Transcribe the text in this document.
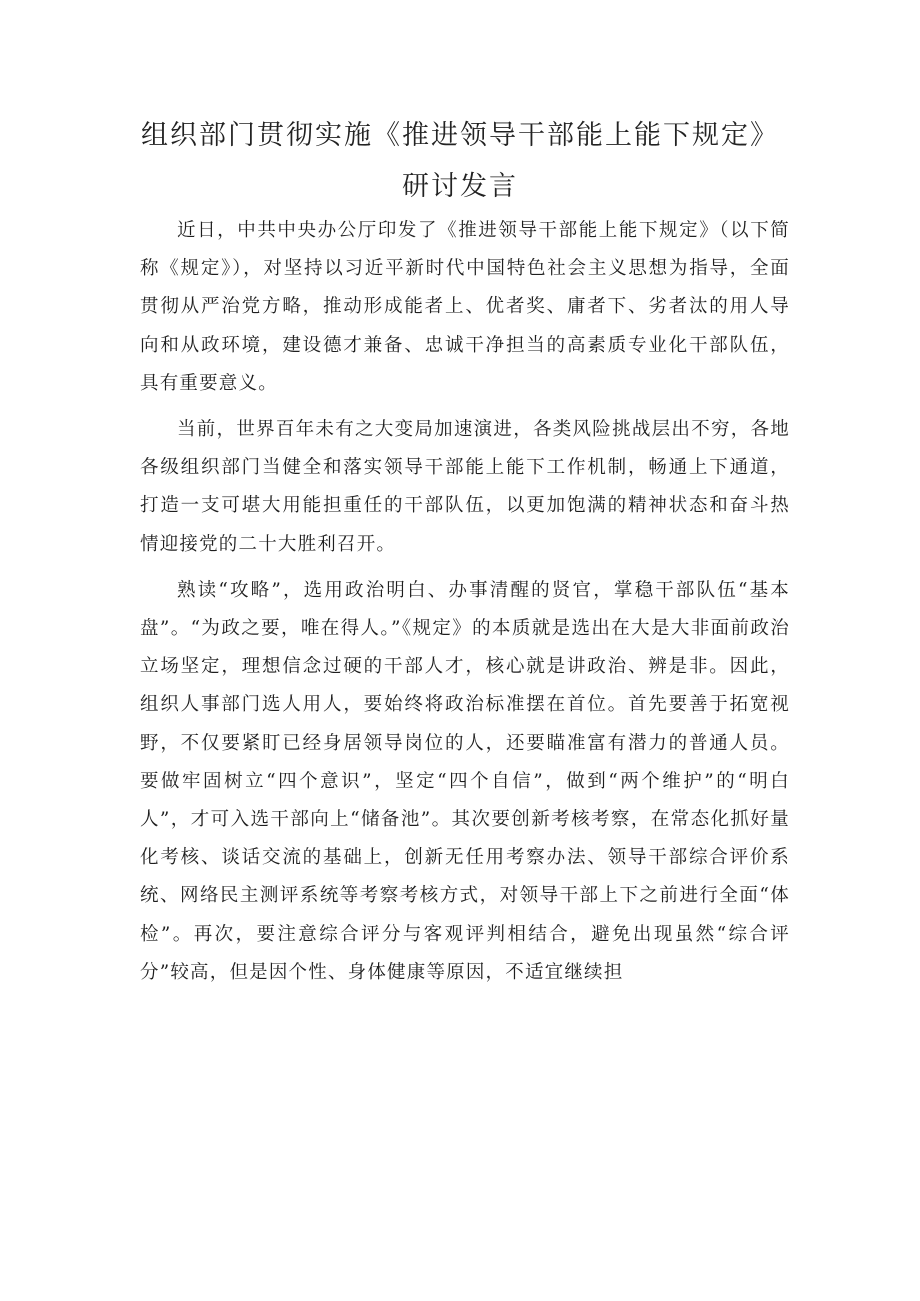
组织部门贯彻实施《推进领导干部能上能下规定》
研讨发言

近日，中共中央办公厅印发了《推进领导干部能上能下规定》（以下简称《规定》），对坚持以习近平新时代中国特色社会主义思想为指导，全面贯彻从严治党方略，推动形成能者上、优者奖、庸者下、劣者汰的用人导向和从政环境，建设德才兼备、忠诚干净担当的高素质专业化干部队伍，具有重要意义。

当前，世界百年未有之大变局加速演进，各类风险挑战层出不穷，各地各级组织部门当健全和落实领导干部能上能下工作机制，畅通上下通道，打造一支可堪大用能担重任的干部队伍，以更加饱满的精神状态和奋斗热情迎接党的二十大胜利召开。

熟读“攻略”，选用政治明白、办事清醒的贤官，掌稳干部队伍“基本盘”。“为政之要，唯在得人。”《规定》的本质就是选出在大是大非面前政治立场坚定，理想信念过硬的干部人才，核心就是讲政治、辨是非。因此，组织人事部门选人用人，要始终将政治标准摆在首位。首先要善于拓宽视野，不仅要紧盯已经身居领导岗位的人，还要瞄准富有潜力的普通人员。要做牢固树立“四个意识”，坚定“四个自信”，做到“两个维护”的“明白人”，才可入选干部向上“储备池”。其次要创新考核考察，在常态化抓好量化考核、谈话交流的基础上，创新无任用考察办法、领导干部综合评价系统、网络民主测评系统等考察考核方式，对领导干部上下之前进行全面“体检”。再次，要注意综合评分与客观评判相结合，避免出现虽然“综合评分”较高，但是因个性、身体健康等原因，不适宜继续担
